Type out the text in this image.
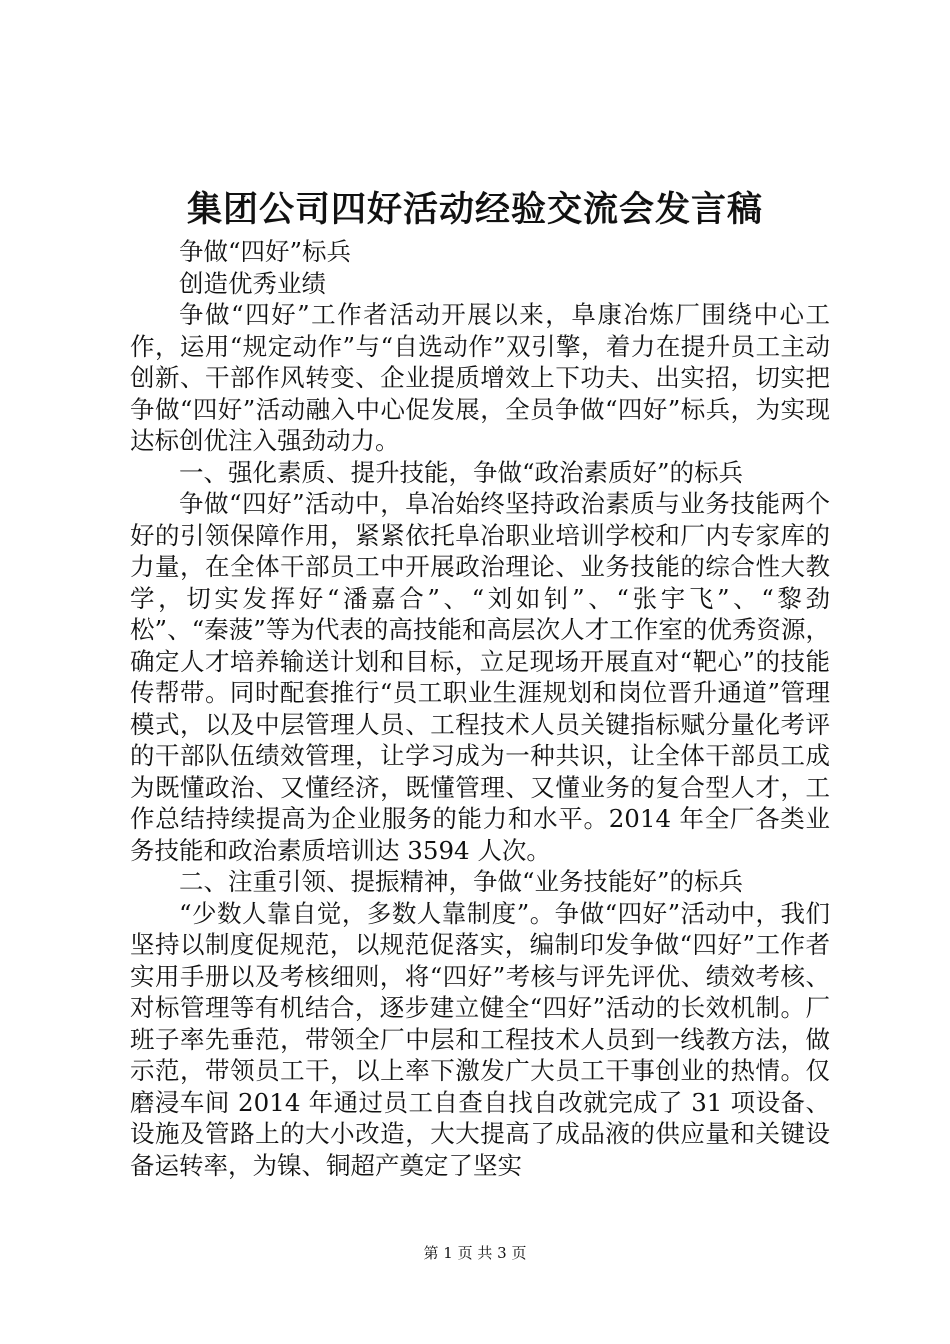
集团公司四好活动经验交流会发言稿

争做“四好”标兵

创造优秀业绩

争做“四好”工作者活动开展以来，阜康冶炼厂围绕中心工作，运用“规定动作”与“自选动作”双引擎，着力在提升员工主动创新、干部作风转变、企业提质增效上下功夫、出实招，切实把争做“四好”活动融入中心促发展，全员争做“四好”标兵，为实现达标创优注入强劲动力。

一、强化素质、提升技能，争做“政治素质好”的标兵

争做“四好”活动中，阜冶始终坚持政治素质与业务技能两个好的引领保障作用，紧紧依托阜冶职业培训学校和厂内专家库的力量，在全体干部员工中开展政治理论、业务技能的综合性大教学，切实发挥好“潘嘉合”、“刘如钊”、“张宇飞”、“黎劲松”、“秦菠”等为代表的高技能和高层次人才工作室的优秀资源，确定人才培养输送计划和目标，立足现场开展直对“靶心”的技能传帮带。同时配套推行“员工职业生涯规划和岗位晋升通道”管理模式，以及中层管理人员、工程技术人员关键指标赋分量化考评的干部队伍绩效管理，让学习成为一种共识，让全体干部员工成为既懂政治、又懂经济，既懂管理、又懂业务的复合型人才，工作总结持续提高为企业服务的能力和水平。2014 年全厂各类业务技能和政治素质培训达 3594 人次。

二、注重引领、提振精神，争做“业务技能好”的标兵

“少数人靠自觉，多数人靠制度”。争做“四好”活动中，我们坚持以制度促规范，以规范促落实，编制印发争做“四好”工作者实用手册以及考核细则，将“四好”考核与评先评优、绩效考核、对标管理等有机结合，逐步建立健全“四好”活动的长效机制。厂班子率先垂范，带领全厂中层和工程技术人员到一线教方法，做示范，带领员工干，以上率下激发广大员工干事创业的热情。仅磨浸车间 2014 年通过员工自查自找自改就完成了 31 项设备、设施及管路上的大小改造，大大提高了成品液的供应量和关键设备运转率，为镍、铜超产奠定了坚实

第 1 页 共 3 页
